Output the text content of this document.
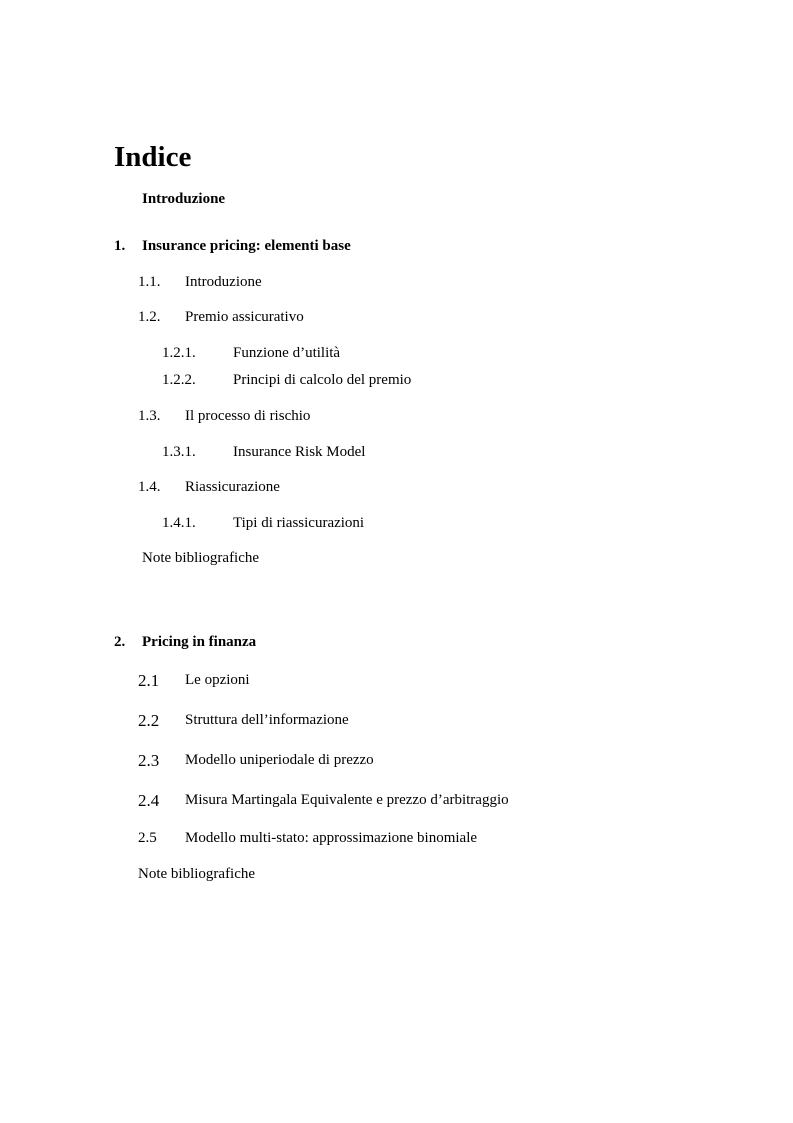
Indice
Introduzione
1. Insurance pricing: elementi base
1.1. Introduzione
1.2. Premio assicurativo
1.2.1. Funzione d’utilità
1.2.2. Principi di calcolo del premio
1.3. Il processo di rischio
1.3.1. Insurance Risk Model
1.4. Riassicurazione
1.4.1. Tipi di riassicurazioni
Note bibliografiche
2. Pricing in finanza
2.1 Le opzioni
2.2 Struttura dell’informazione
2.3 Modello uniperiodale di prezzo
2.4 Misura Martingala Equivalente e prezzo d’arbitraggio
2.5 Modello multi-stato: approssimazione binomiale
Note bibliografiche
